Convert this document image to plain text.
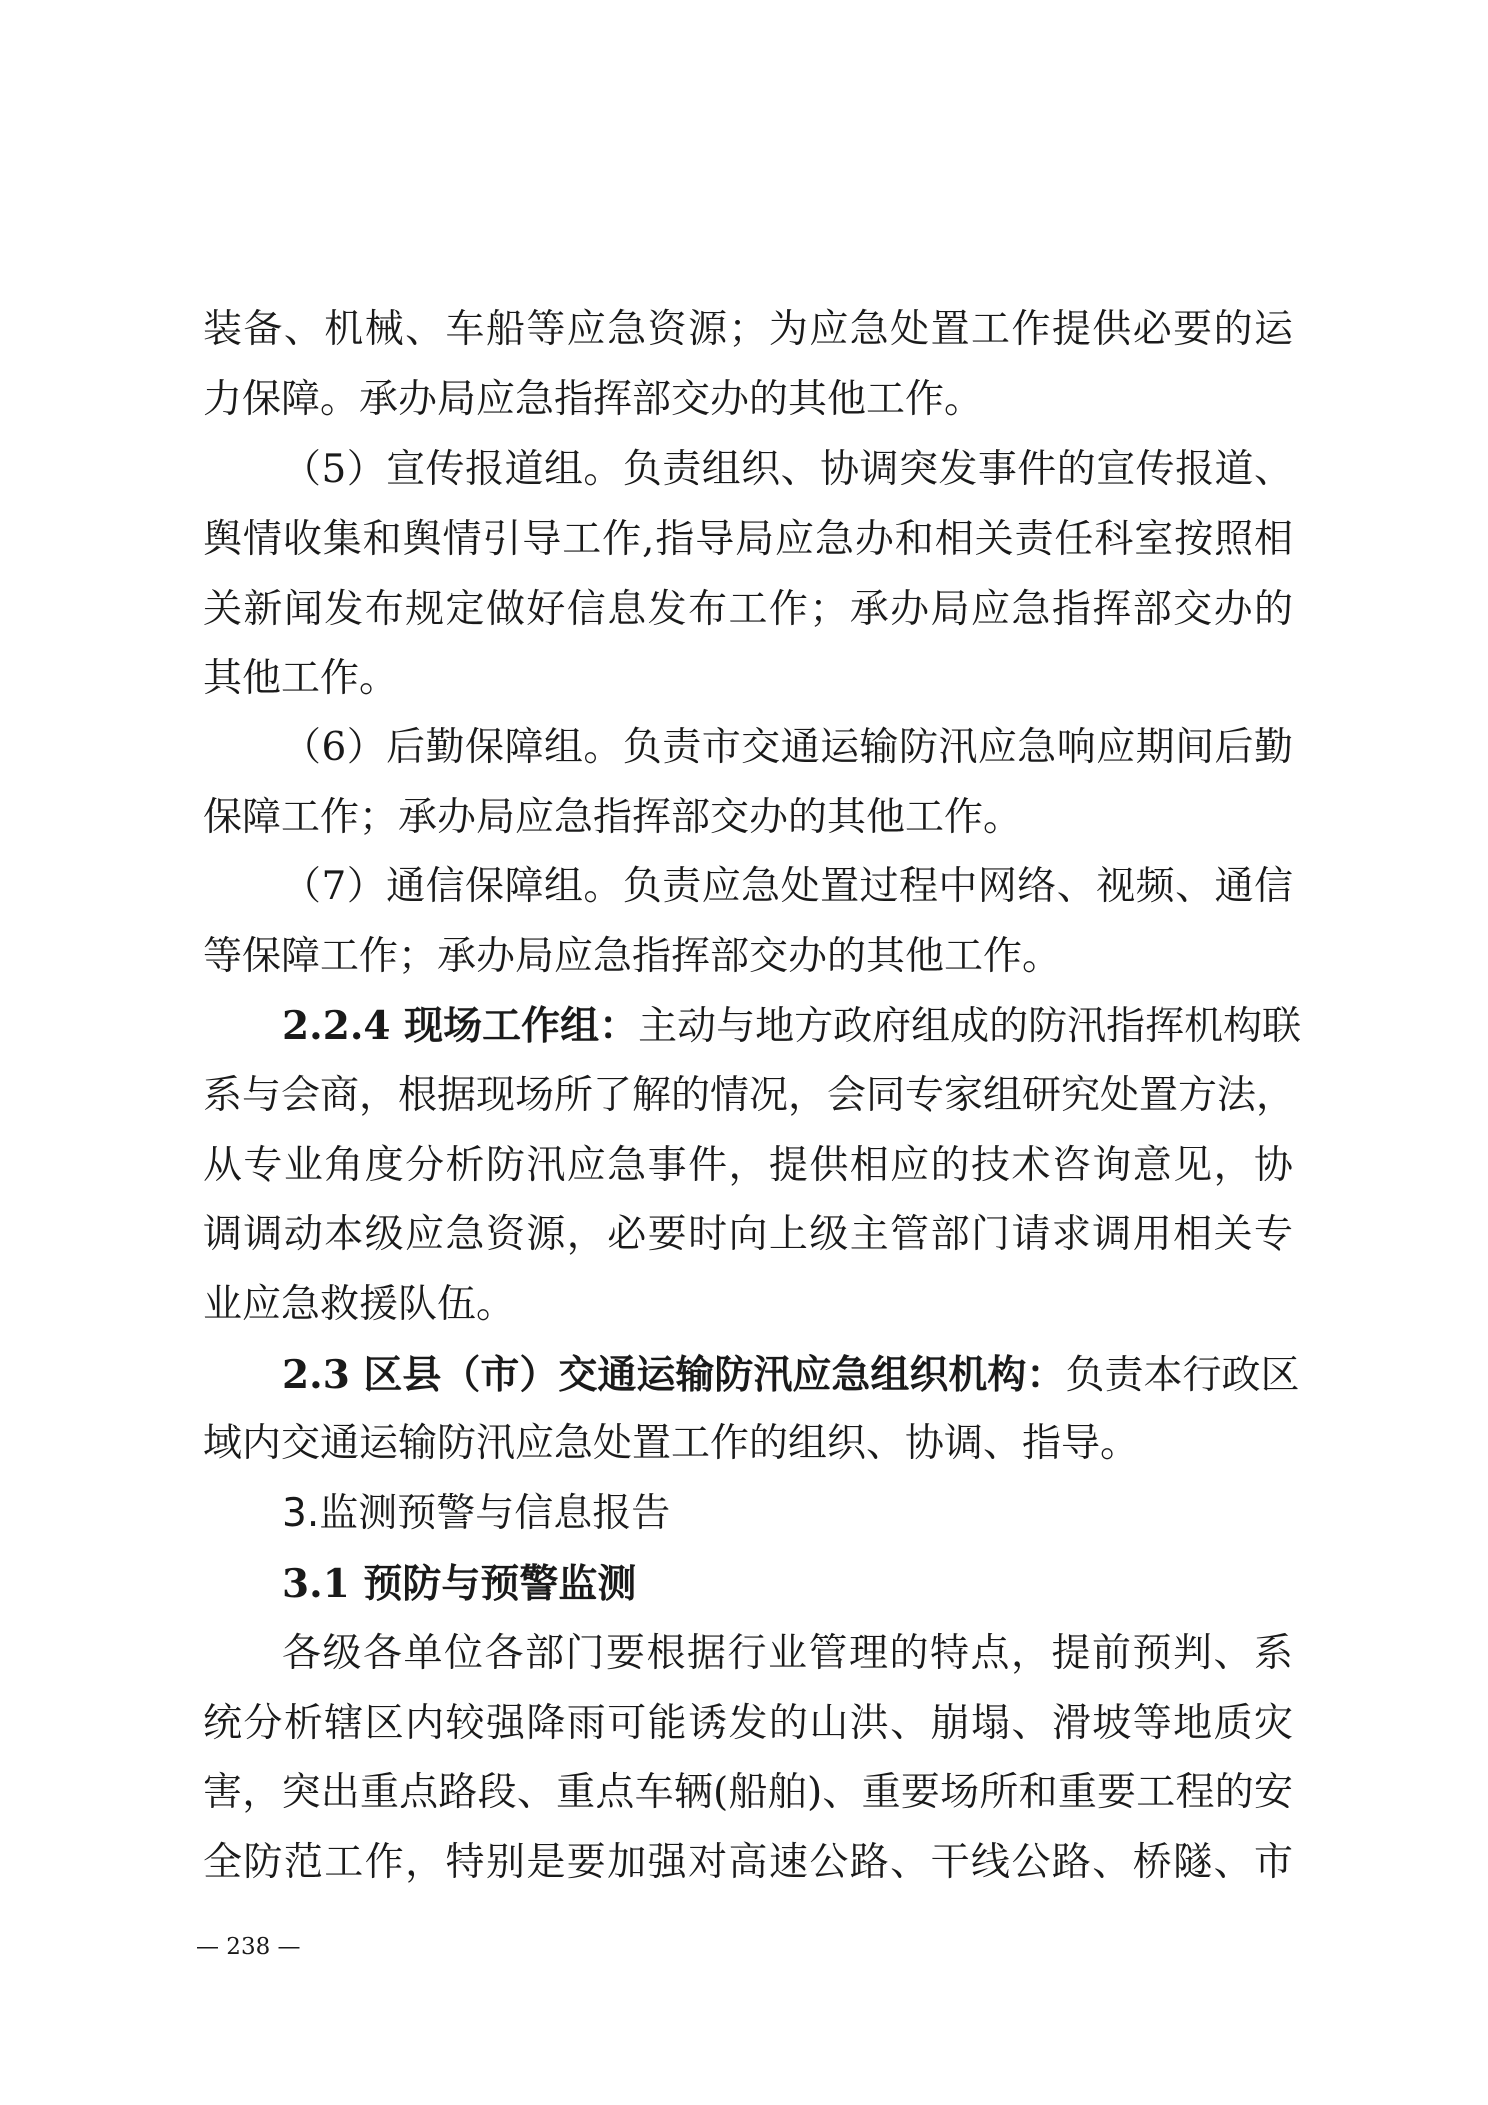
装备、机械、车船等应急资源；为应急处置工作提供必要的运
力保障。承办局应急指挥部交办的其他工作。
（5）宣传报道组。负责组织、协调突发事件的宣传报道、
舆情收集和舆情引导工作,指导局应急办和相关责任科室按照相
关新闻发布规定做好信息发布工作；承办局应急指挥部交办的
其他工作。
（6）后勤保障组。负责市交通运输防汛应急响应期间后勤
保障工作；承办局应急指挥部交办的其他工作。
（7）通信保障组。负责应急处置过程中网络、视频、通信
等保障工作；承办局应急指挥部交办的其他工作。
2.2.4 现场工作组：主动与地方政府组成的防汛指挥机构联
系与会商，根据现场所了解的情况，会同专家组研究处置方法，
从专业角度分析防汛应急事件，提供相应的技术咨询意见，协
调调动本级应急资源，必要时向上级主管部门请求调用相关专
业应急救援队伍。
2.3 区县（市）交通运输防汛应急组织机构：负责本行政区
域内交通运输防汛应急处置工作的组织、协调、指导。
3.监测预警与信息报告
3.1 预防与预警监测
各级各单位各部门要根据行业管理的特点，提前预判、系
统分析辖区内较强降雨可能诱发的山洪、崩塌、滑坡等地质灾
害，突出重点路段、重点车辆(船舶)、重要场所和重要工程的安
全防范工作，特别是要加强对高速公路、干线公路、桥隧、市
— 238 —
